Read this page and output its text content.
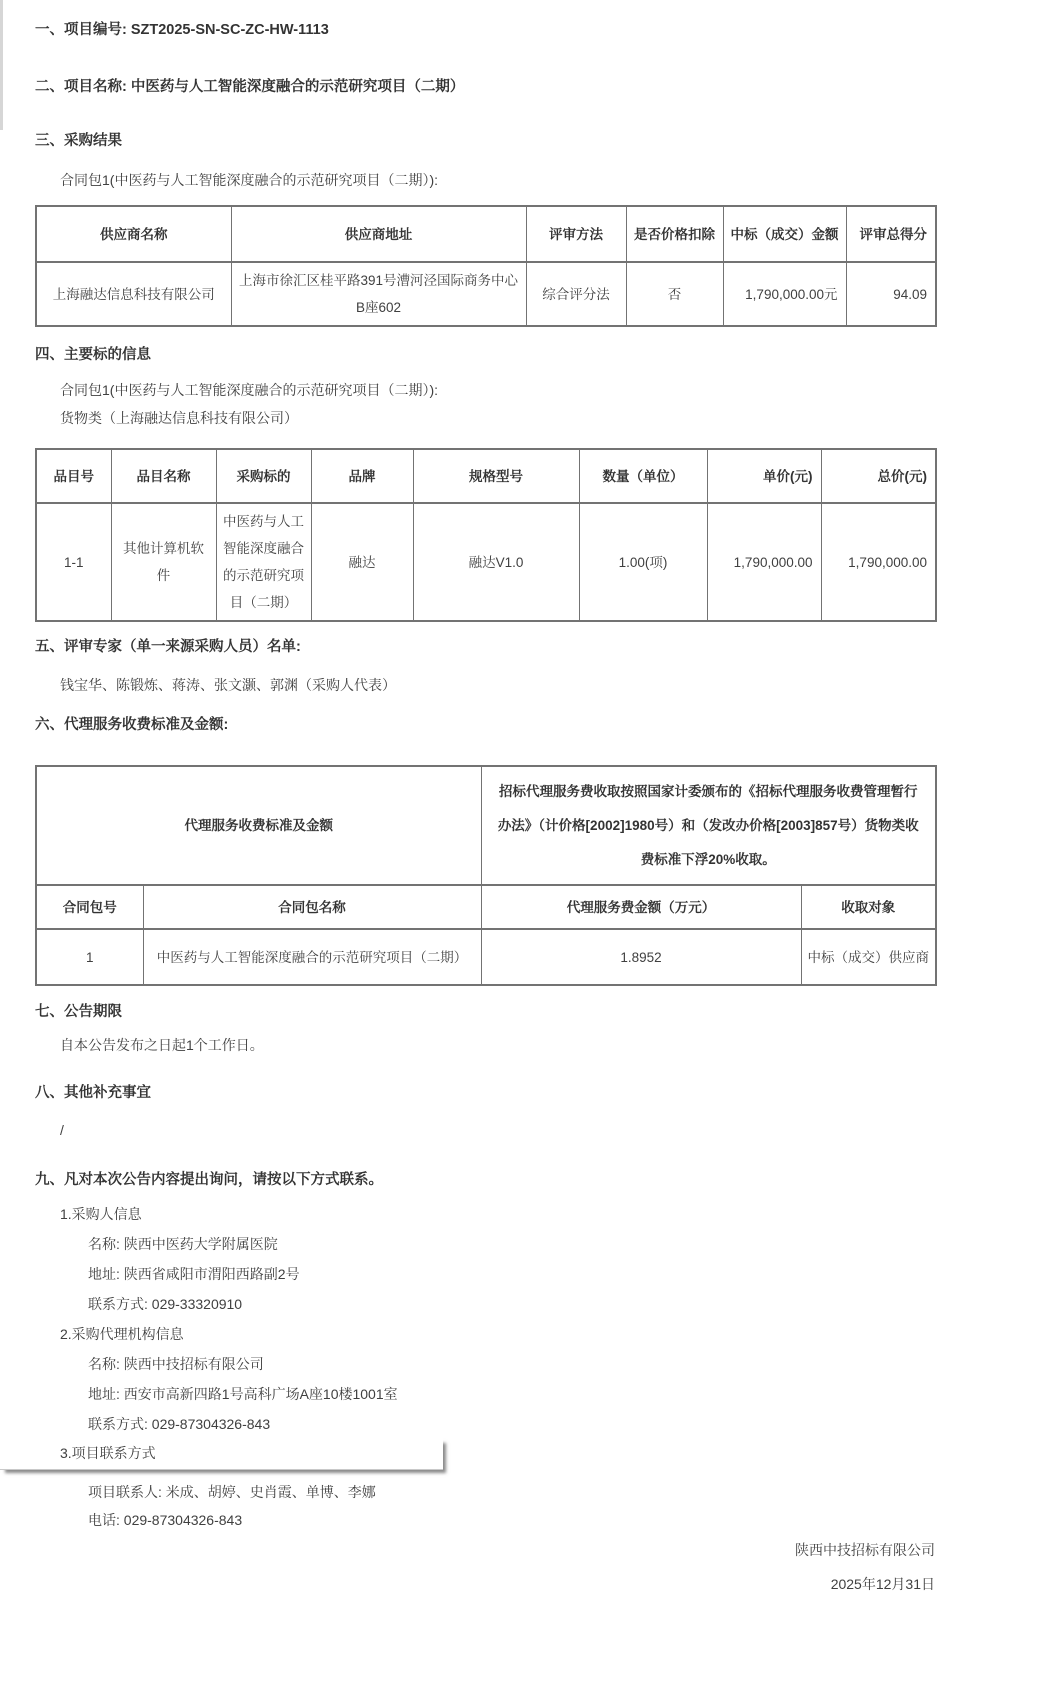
一、项目编号: SZT2025-SN-SC-ZC-HW-1113
二、项目名称: 中医药与人工智能深度融合的示范研究项目（二期）
三、采购结果
合同包1(中医药与人工智能深度融合的示范研究项目（二期）):
供应商名称	供应商地址	评审方法	是否价格扣除	中标（成交）金额	评审总得分
上海融达信息科技有限公司	上海市徐汇区桂平路391号漕河泾国际商务中心B座602	综合评分法	否	1,790,000.00元	94.09
四、主要标的信息
合同包1(中医药与人工智能深度融合的示范研究项目（二期）):
货物类（上海融达信息科技有限公司）
品目号	品目名称	采购标的	品牌	规格型号	数量（单位）	单价(元)	总价(元)
1-1	其他计算机软件	中医药与人工智能深度融合的示范研究项目（二期）	融达	融达V1.0	1.00(项)	1,790,000.00	1,790,000.00
五、评审专家（单一来源采购人员）名单:
钱宝华、陈锻炼、蒋涛、张文灏、郭渊（采购人代表）
六、代理服务收费标准及金额:
代理服务收费标准及金额		招标代理服务费收取按照国家计委颁布的《招标代理服务收费管理暂行办法》（计价格[2002]1980号）和（发改办价格[2003]857号）货物类收费标准下浮20%收取。	
合同包号	合同包名称	代理服务费金额（万元）	收取对象
1	中医药与人工智能深度融合的示范研究项目（二期）	1.8952	中标（成交）供应商
七、公告期限
自本公告发布之日起1个工作日。
八、其他补充事宜
/
九、凡对本次公告内容提出询问，请按以下方式联系。
1.采购人信息
名称: 陕西中医药大学附属医院
地址: 陕西省咸阳市渭阳西路副2号
联系方式: 029-33320910
2.采购代理机构信息
名称: 陕西中技招标有限公司
地址: 西安市高新四路1号高科广场A座10楼1001室
联系方式: 029-87304326-843
3.项目联系方式
项目联系人: 米成、胡婷、史肖霞、单博、李娜
电话: 029-87304326-843
陕西中技招标有限公司
2025年12月31日
